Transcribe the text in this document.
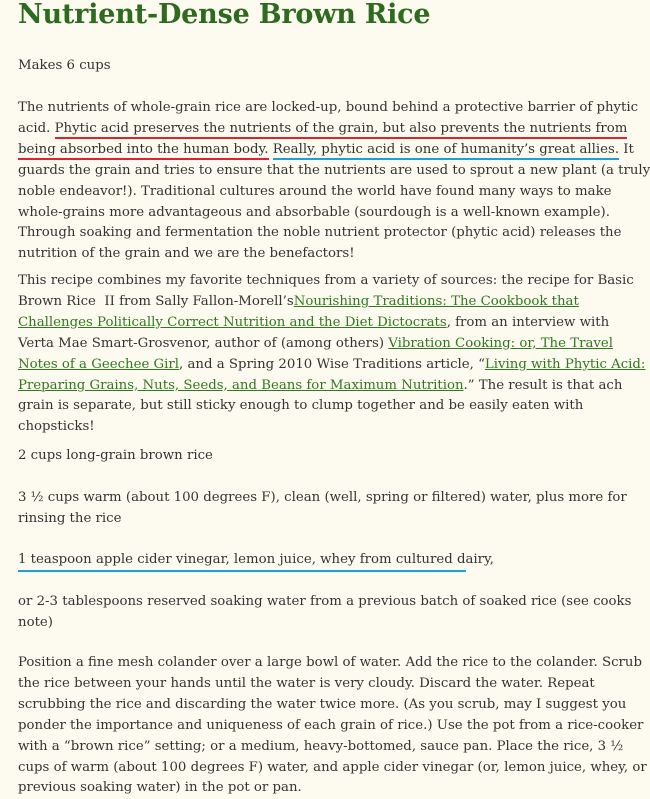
Nutrient-Dense Brown Rice

Makes 6 cups

The nutrients of whole-grain rice are locked-up, bound behind a protective barrier of phytic
acid. Phytic acid preserves the nutrients of the grain, but also prevents the nutrients from
being absorbed into the human body. Really, phytic acid is one of humanity’s great allies. It
guards the grain and tries to ensure that the nutrients are used to sprout a new plant (a truly
noble endeavor!). Traditional cultures around the world have found many ways to make
whole-grains more advantageous and absorbable (sourdough is a well-known example).
Through soaking and fermentation the noble nutrient protector (phytic acid) releases the
nutrition of the grain and we are the benefactors!

This recipe combines my favorite techniques from a variety of sources: the recipe for Basic
Brown Rice  II from Sally Fallon-Morell’sNourishing Traditions: The Cookbook that
Challenges Politically Correct Nutrition and the Diet Dictocrats, from an interview with
Verta Mae Smart-Grosvenor, author of (among others) Vibration Cooking: or, The Travel
Notes of a Geechee Girl, and a Spring 2010 Wise Traditions article, “Living with Phytic Acid:
Preparing Grains, Nuts, Seeds, and Beans for Maximum Nutrition.” The result is that ach
grain is separate, but still sticky enough to clump together and be easily eaten with
chopsticks!

2 cups long-grain brown rice

3 ½ cups warm (about 100 degrees F), clean (well, spring or filtered) water, plus more for
rinsing the rice

1 teaspoon apple cider vinegar, lemon juice, whey from cultured dairy,

or 2-3 tablespoons reserved soaking water from a previous batch of soaked rice (see cooks
note)

Position a fine mesh colander over a large bowl of water. Add the rice to the colander. Scrub
the rice between your hands until the water is very cloudy. Discard the water. Repeat
scrubbing the rice and discarding the water twice more. (As you scrub, may I suggest you
ponder the importance and uniqueness of each grain of rice.) Use the pot from a rice-cooker
with a “brown rice” setting; or a medium, heavy-bottomed, sauce pan. Place the rice, 3 ½
cups of warm (about 100 degrees F) water, and apple cider vinegar (or, lemon juice, whey, or
previous soaking water) in the pot or pan.
